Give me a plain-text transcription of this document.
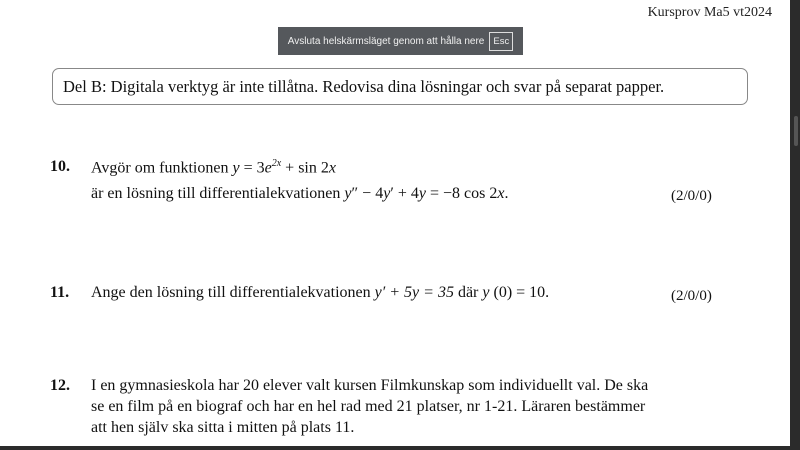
Kursprov Ma5 vt2024
Del B: Digitala verktyg är inte tillåtna. Redovisa dina lösningar och svar på separat papper.
10. Avgör om funktionen $y = 3e^{2x} + \sin 2x$
är en lösning till differentialekvationen y″ − 4y′ + 4y = −8 cos 2x.	(2/0/0)
11. Ange den lösning till differentialekvationen y′ + 5y = 35 där y (0) = 10.	(2/0/0)
12. I en gymnasieskola har 20 elever valt kursen Filmkunskap som individuellt val. De ska
se en film på en biograf och har en hel rad med 21 platser, nr 1-21. Läraren bestämmer
att hen själv ska sitta i mitten på plats 11.
Avsluta helskärmsläget genom att hålla nere Esc
